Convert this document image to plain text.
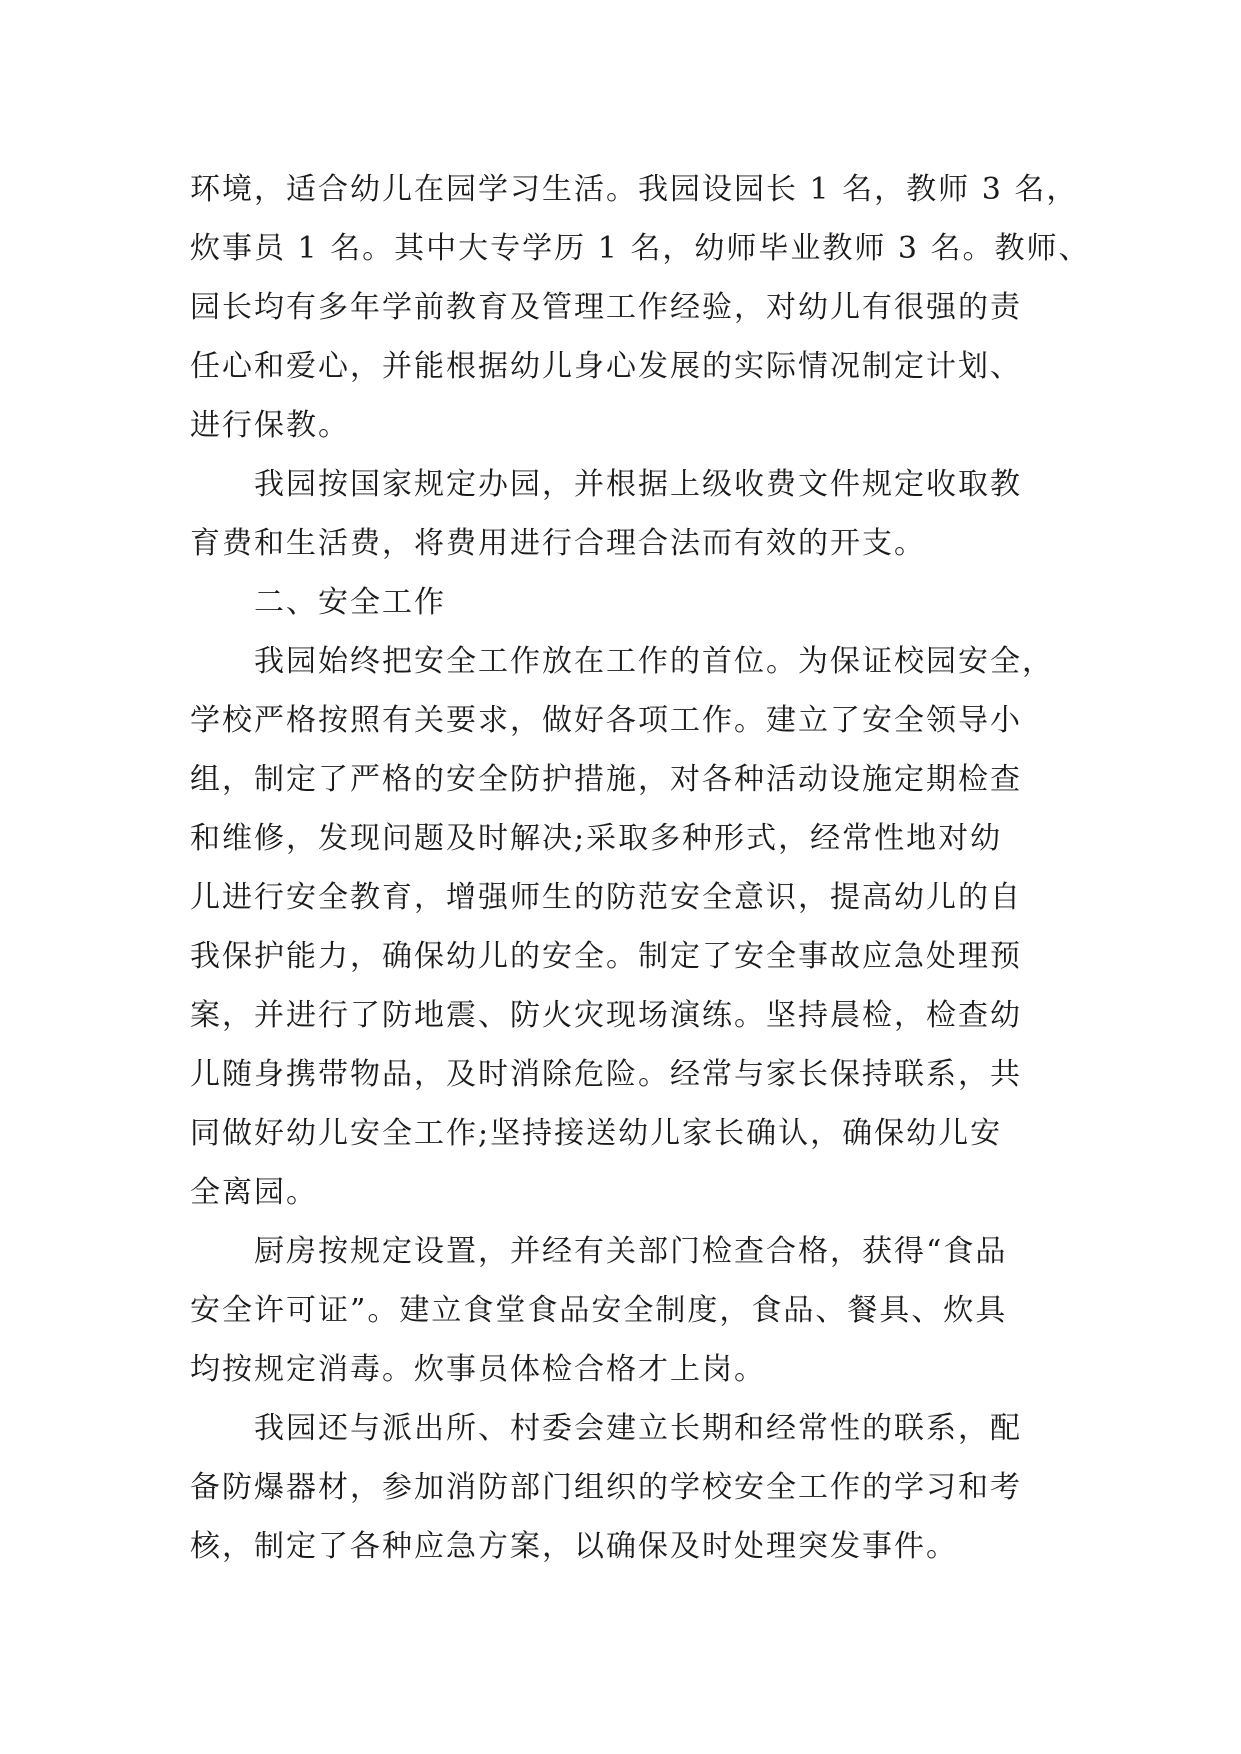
环境，适合幼儿在园学习生活。我园设园长 1 名，教师 3 名，
炊事员 1 名。其中大专学历 1 名，幼师毕业教师 3 名。教师、
园长均有多年学前教育及管理工作经验，对幼儿有很强的责
任心和爱心，并能根据幼儿身心发展的实际情况制定计划、
进行保教。
我园按国家规定办园，并根据上级收费文件规定收取教
育费和生活费，将费用进行合理合法而有效的开支。
二、安全工作
我园始终把安全工作放在工作的首位。为保证校园安全，
学校严格按照有关要求，做好各项工作。建立了安全领导小
组，制定了严格的安全防护措施，对各种活动设施定期检查
和维修，发现问题及时解决;采取多种形式，经常性地对幼
儿进行安全教育，增强师生的防范安全意识，提高幼儿的自
我保护能力，确保幼儿的安全。制定了安全事故应急处理预
案，并进行了防地震、防火灾现场演练。坚持晨检，检查幼
儿随身携带物品，及时消除危险。经常与家长保持联系，共
同做好幼儿安全工作;坚持接送幼儿家长确认，确保幼儿安
全离园。
厨房按规定设置，并经有关部门检查合格，获得“食品
安全许可证”。建立食堂食品安全制度，食品、餐具、炊具
均按规定消毒。炊事员体检合格才上岗。
我园还与派出所、村委会建立长期和经常性的联系，配
备防爆器材，参加消防部门组织的学校安全工作的学习和考
核，制定了各种应急方案，以确保及时处理突发事件。
